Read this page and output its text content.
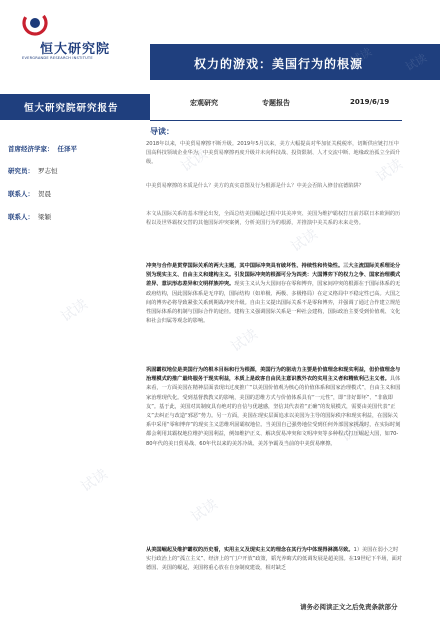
恒大研究院
EVERGRANDE RESEARCH INSTITUTE	试读	试读
权力的游戏：美国行为的根源
恒大研究院研究报告	宏观研究	专题报告	2019/6/19
首席经济学家： 任泽平
研究员： 罗志恒
联系人： 贺晨
联系人： 梁颖
导读：
2018年以来，中美贸易摩擦不断升级。2019年5月以来，美方大幅提高对华加征关税税率，切断供应链打压中国高科技领域企业华为，中美贸易摩擦再度升级并未向科技战、投资限制、人才交流中断、地缘政治孤立全面升级。
中美贸易摩擦的本质是什么？美方的真实意图及行为根源是什么？中美会否陷入修昔底德陷阱？
本文从国际关系的基本理论出发，全面总结美国崛起过程中其美冲突、美国为维护霸权打压前苏联日本欧洲的历程以及世界霸权交替的其他国际冲突案例，分析美国行为的根源，并推演中美关系的未来走势。
冲突与合作是贯穿国际关系的两大主题，其中国际冲突具有破坏性、持续性和传染性。三大主流国际关系理论分别为现实主义、自由主义和建构主义。引发国际冲突的根源可分为四类：大国博弈下的权力之争、国家治理模式差异、意识形态差异和文明样族冲突。现实主义认为大国间存在零和博弈，国家间冲突的根源在于国际体系的无政府结构，因此国际体系是无序的，国际结构（如单极、两极、多极格局）在定义格局中不稳定性已高。大国之间的博弈必将导致紧张关系到期战冲突升级。自由主义提出国际关系不是零和博弈，并强调了通过合作建立规范性国际体系的机制与国际合作的途径。建构主义强调国际关系是一种社会建构，国际政治主要受到价值观、文化和社会归属等观念的影响。
巩固霸权地位是美国行为的根本目标和行为根源，美国行为的驱动力主要是价值理念和现实利益，但价值理念与治理模式的推广最终服务于现实利益，本质上是政客自由民主意识教外衣的实用主义者和精致利己主义者。具体来看，一方面美国在精神层面表现出过度推广“以美国价值观为核心的价值体系和国家治理模式”，自由主义和国家治理现代化。受到基督教教义的影响，美国的思维方式与价值体系具有“一元性”，即“非好即坏”、“非敌即友”。基于此，美国对其制度具有绝对的自信与优越感，坚信其代表着“正确”的发展模式，需要由美国代表“正义”去纠正与改造“邪恶”势力。另一方面，美国在现实层面追求以美国为主导的国际秩序和现实利益，在国际关系中采用“零和博弈”的现实主义思维巩固霸权地位。当美国自己强势地位受到任何外部国家挑战时，在实际时刻都会利用其霸权地位维护美国利益，例如维护正义、解决贸易冲突和文明冲突等多种程式打压崛起大国，如70-80年代的美日贸易战、60年代以来的美苏冷战、美苏争霸及当前的中美贸易摩擦。
从美国崛起及维护霸权的历史看，实用主义及现实主义的理念在其行为中体现得淋漓尽致。1）美国在弱小之时实行政治上的“孤立主义”、经济上的“门户开放”政策，韬光养晦式的低调发展是超美国。在19世纪下半场，面对德国、美国的崛起，美国将重心放在自身制度建设，相对缺乏
试读
试读
试读
试读
试读
试读
试读
试读
请务必阅读正文之后免责条款部分
